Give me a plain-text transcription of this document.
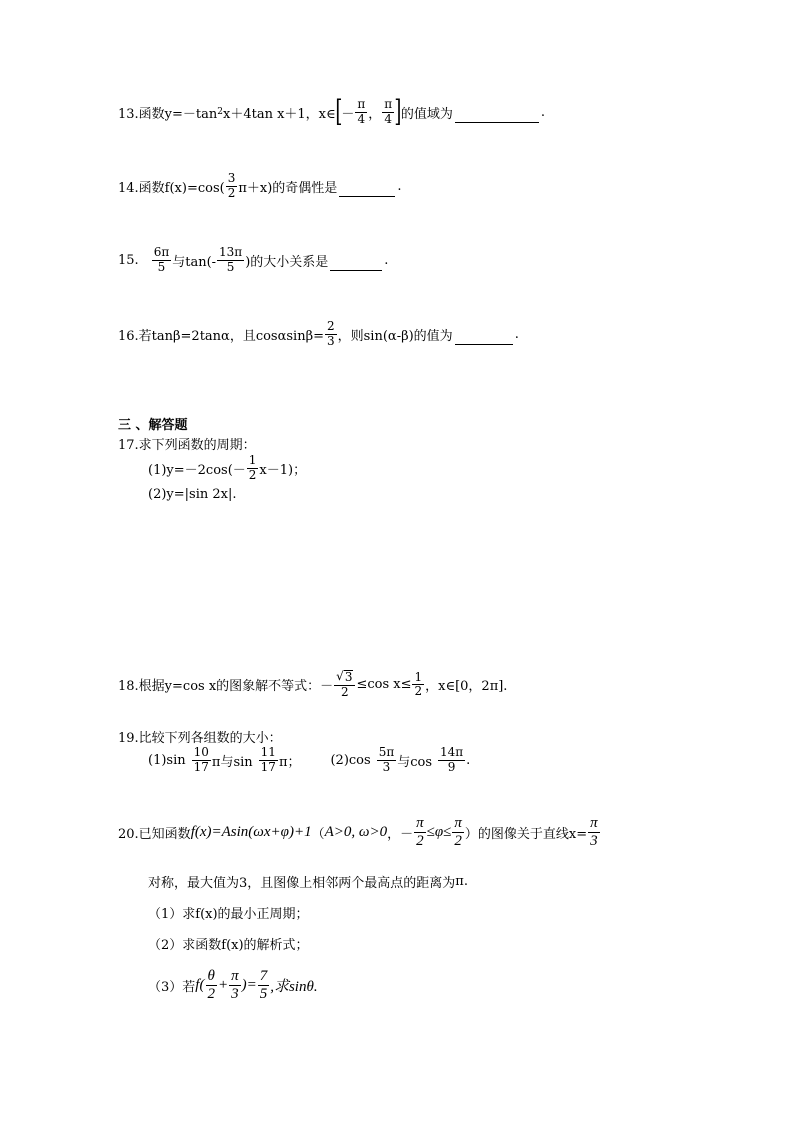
13.函数y=－tan 2 x＋4tan x＋1，x∈ [ － $\frac{\pi}{4}$ ， $\frac{\pi}{4}$ ] 的值域为	.
14.函数$f(x)=\cos( \frac{3}{2} \pi+x)$的奇偶性是	.
15. $\frac{6\pi}{5}$ 与$\tan(- \frac{13\pi}{5}$ )的大小关系是	.
16.若tanβ=2tanα，且$\cos\alpha\sin\beta= \frac{2}{3}$ ，则sin(α-β)的值为	.
三 、解答题
17.求下列函数的周期：
$(1)y=-2\cos(- \frac{1}{2} x-1)$；
(2)y=|sin 2x|.
18.根据y=cos x的图象解不等式：－ $\frac{√ 3}{2} \le\cos$ $x\le \frac{1}{2}$ ，x∈[0，2π].
19.比较下列各组数的大小：
$(1)\sin \frac{10}{17}$ π与$\sin \frac{11}{17}$ π； $(2)\cos \frac{5\pi}{3}$ 与$\cos \frac{14\pi}{9}$ .
20.已知函数 f(x)=Asin(ωx+φ)+1 （ A>0, ω>0 ，－ $\frac{\pi}{2} \le\varphi\le \frac{\pi}{2}$ ）的图像关于直线$x= \frac{\pi}{3}$
对称，最大值为3，且图像上相邻两个最高点的距离为 π.
（1）求f(x)的最小正周期；
（2）求函数f(x)的解析式；
（3）若 $f( \frac{\theta}{2} + \frac{\pi}{3}$ )= $\frac{7}{5}$ ,求sinθ.
